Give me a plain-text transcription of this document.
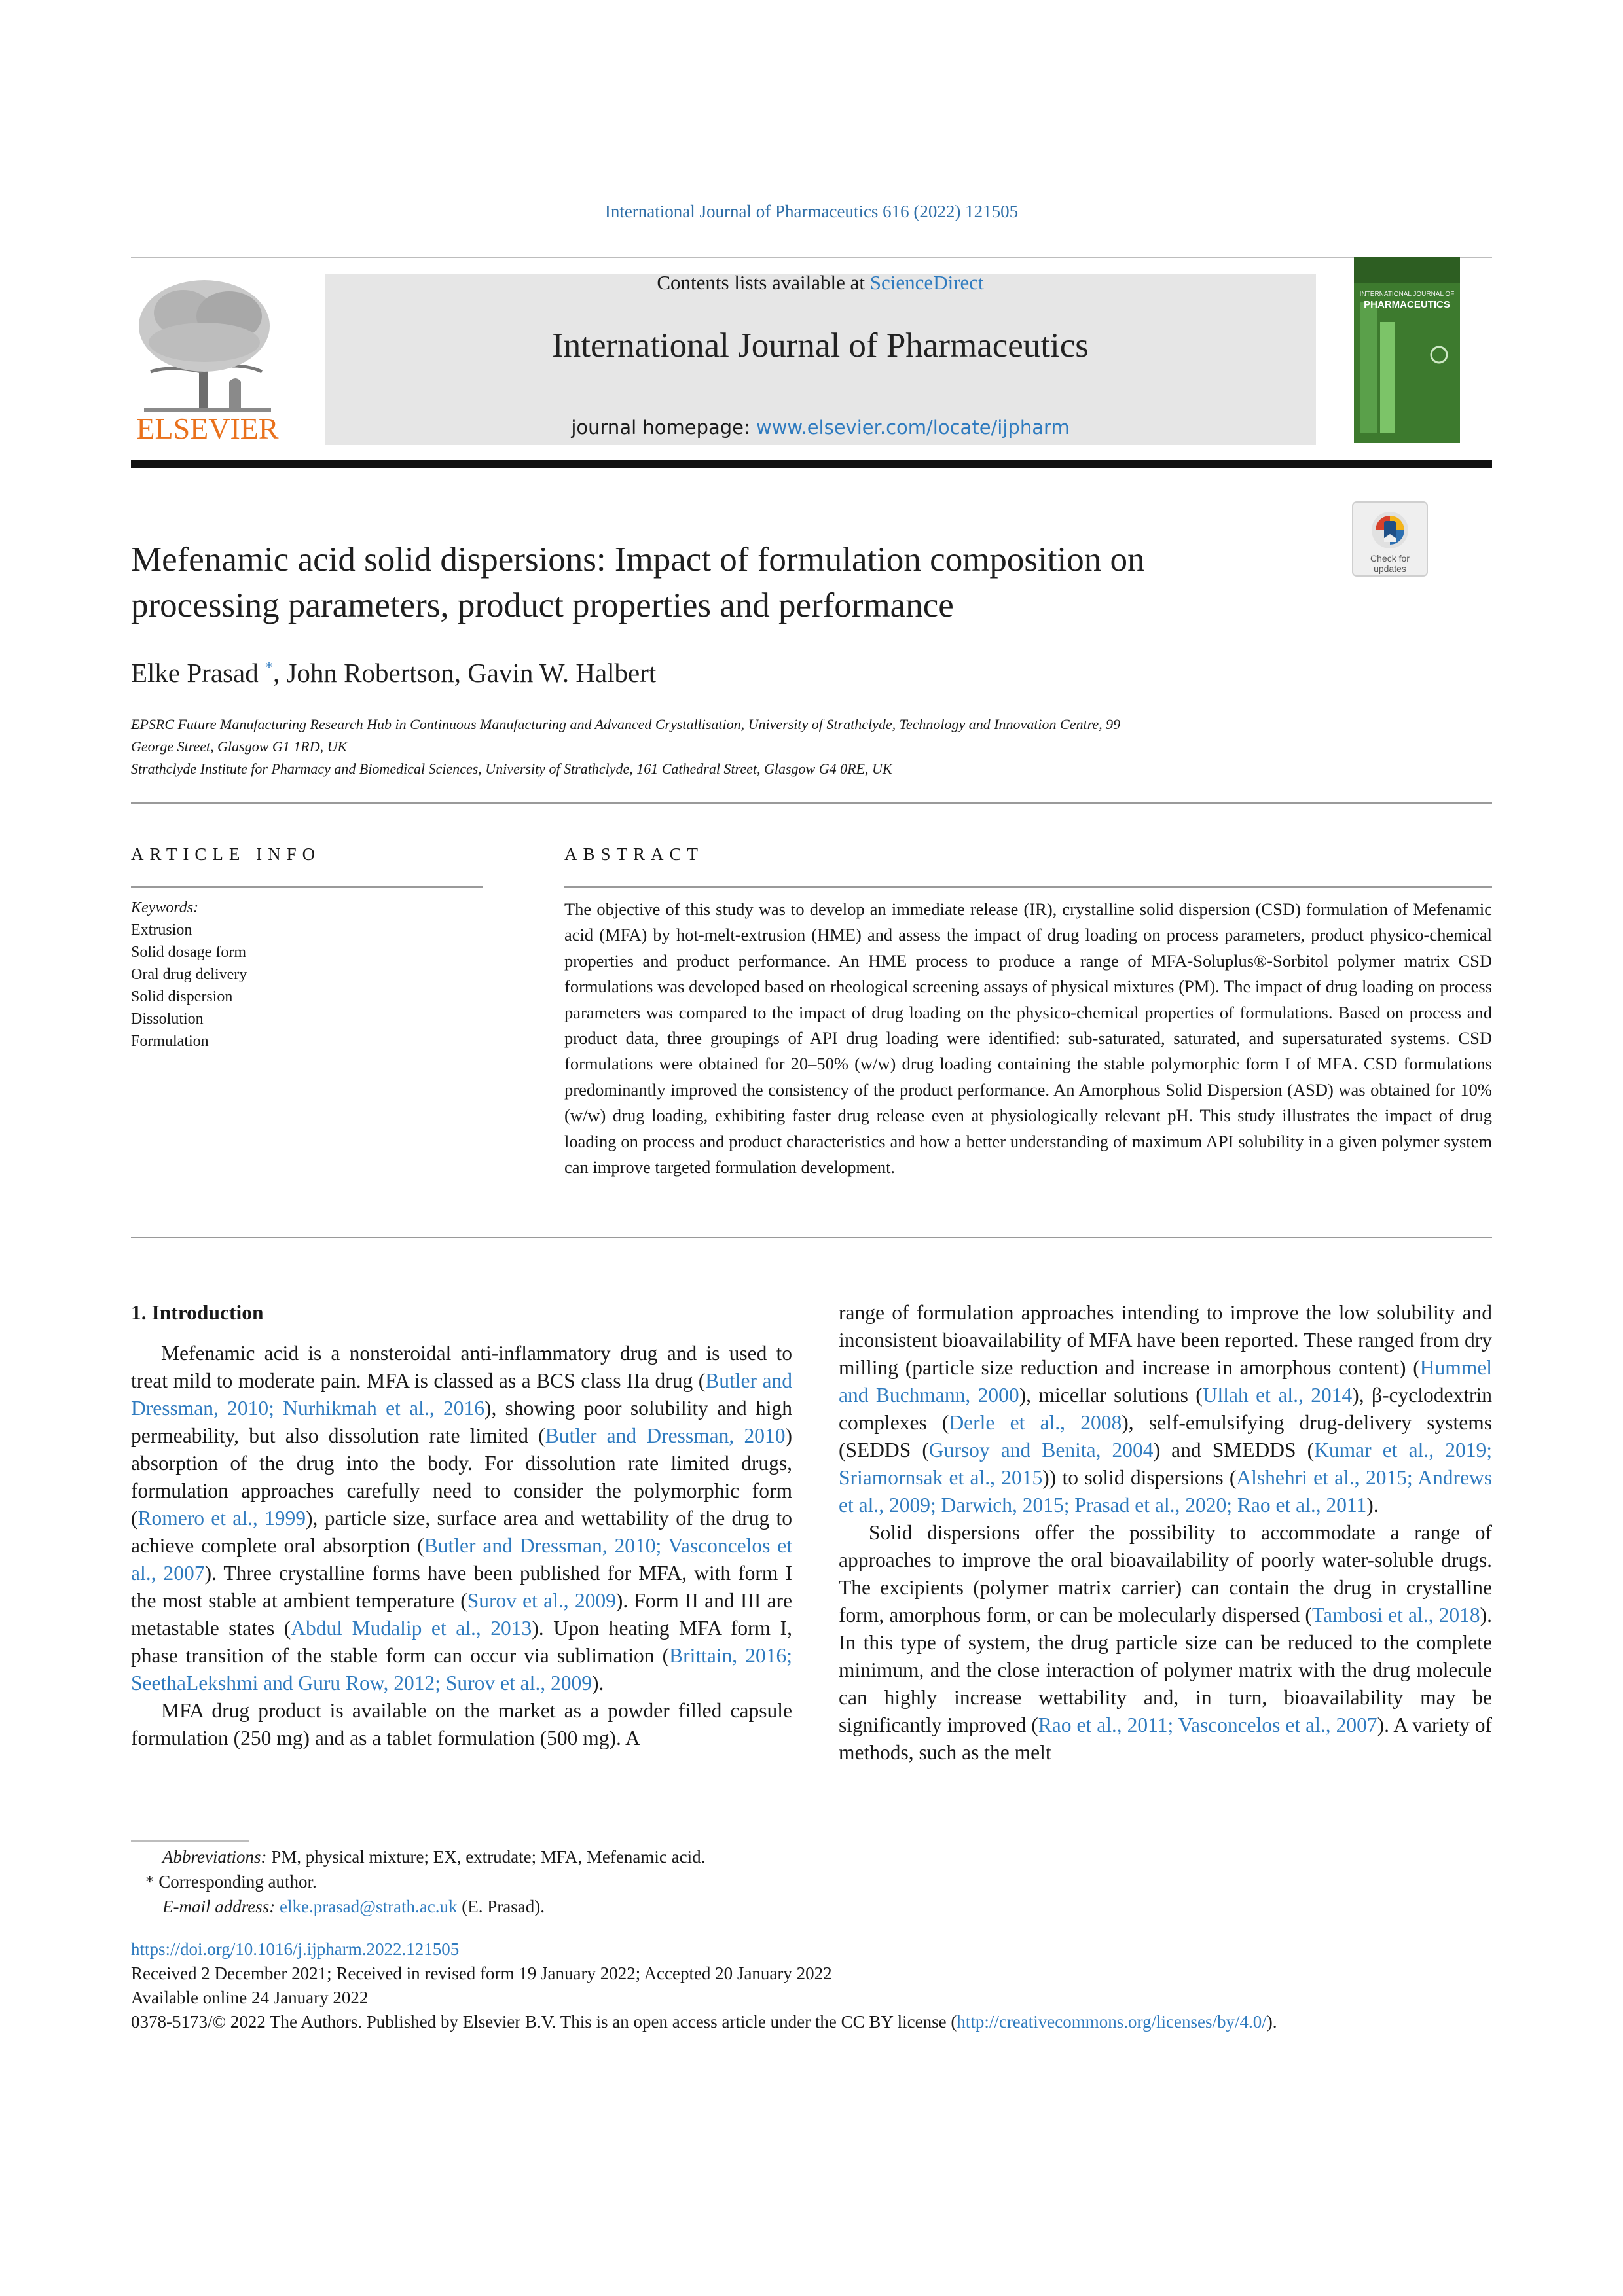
International Journal of Pharmaceutics 616 (2022) 121505
ELSEVIER
Contents lists available at ScienceDirect
International Journal of Pharmaceutics
journal homepage: www.elsevier.com/locate/ijpharm
INTERNATIONAL JOURNAL OF
PHARMACEUTICS
Check for
updates
Mefenamic acid solid dispersions: Impact of formulation composition on
processing parameters, product properties and performance
Elke Prasad *, John Robertson, Gavin W. Halbert
EPSRC Future Manufacturing Research Hub in Continuous Manufacturing and Advanced Crystallisation, University of Strathclyde, Technology and Innovation Centre, 99
George Street, Glasgow G1 1RD, UK
Strathclyde Institute for Pharmacy and Biomedical Sciences, University of Strathclyde, 161 Cathedral Street, Glasgow G4 0RE, UK
ARTICLE INFO	ABSTRACT
Keywords:
Extrusion
Solid dosage form
Oral drug delivery
Solid dispersion
Dissolution
Formulation
The objective of this study was to develop an immediate release (IR), crystalline solid dispersion (CSD) formulation of Mefenamic acid (MFA) by hot-melt-extrusion (HME) and assess the impact of drug loading on process parameters, product physico-chemical properties and product performance. An HME process to produce a range of MFA-Soluplus®-Sorbitol polymer matrix CSD formulations was developed based on rheological screening assays of physical mixtures (PM). The impact of drug loading on process parameters was compared to the impact of drug loading on the physico-chemical properties of formulations. Based on process and product data, three groupings of API drug loading were identified: sub-saturated, saturated, and supersaturated systems. CSD formulations were obtained for 20–50% (w/w) drug loading containing the stable polymorphic form I of MFA. CSD formulations predominantly improved the consistency of the product performance. An Amorphous Solid Dispersion (ASD) was obtained for 10% (w/w) drug loading, exhibiting faster drug release even at physiologically relevant pH. This study illustrates the impact of drug loading on process and product characteristics and how a better understanding of maximum API solubility in a given polymer system can improve targeted formulation development.
1. Introduction

Mefenamic acid is a nonsteroidal anti-inflammatory drug and is used to treat mild to moderate pain. MFA is classed as a BCS class IIa drug (Butler and Dressman, 2010; Nurhikmah et al., 2016), showing poor solubility and high permeability, but also dissolution rate limited (Butler and Dressman, 2010) absorption of the drug into the body. For dissolution rate limited drugs, formulation approaches carefully need to consider the polymorphic form (Romero et al., 1999), particle size, surface area and wettability of the drug to achieve complete oral absorption (Butler and Dressman, 2010; Vasconcelos et al., 2007). Three crystalline forms have been published for MFA, with form I the most stable at ambient temperature (Surov et al., 2009). Form II and III are metastable states (Abdul Mudalip et al., 2013). Upon heating MFA form I, phase transition of the stable form can occur via sublimation (Brittain, 2016; SeethaLekshmi and Guru Row, 2012; Surov et al., 2009).

MFA drug product is available on the market as a powder filled capsule formulation (250 mg) and as a tablet formulation (500 mg). A

range of formulation approaches intending to improve the low solubility and inconsistent bioavailability of MFA have been reported. These ranged from dry milling (particle size reduction and increase in amorphous content) (Hummel and Buchmann, 2000), micellar solutions (Ullah et al., 2014), β-cyclodextrin complexes (Derle et al., 2008), self-emulsifying drug-delivery systems (SEDDS (Gursoy and Benita, 2004) and SMEDDS (Kumar et al., 2019; Sriamornsak et al., 2015)) to solid dispersions (Alshehri et al., 2015; Andrews et al., 2009; Darwich, 2015; Prasad et al., 2020; Rao et al., 2011).

Solid dispersions offer the possibility to accommodate a range of approaches to improve the oral bioavailability of poorly water-soluble drugs. The excipients (polymer matrix carrier) can contain the drug in crystalline form, amorphous form, or can be molecularly dispersed (Tambosi et al., 2018). In this type of system, the drug particle size can be reduced to the complete minimum, and the close interaction of polymer matrix with the drug molecule can highly increase wettability and, in turn, bioavailability may be significantly improved (Rao et al., 2011; Vasconcelos et al., 2007). A variety of methods, such as the melt

Abbreviations: PM, physical mixture; EX, extrudate; MFA, Mefenamic acid.
* Corresponding author.
E-mail address: elke.prasad@strath.ac.uk (E. Prasad).
https://doi.org/10.1016/j.ijpharm.2022.121505
Received 2 December 2021; Received in revised form 19 January 2022; Accepted 20 January 2022
Available online 24 January 2022
0378-5173/© 2022 The Authors. Published by Elsevier B.V. This is an open access article under the CC BY license (http://creativecommons.org/licenses/by/4.0/).
